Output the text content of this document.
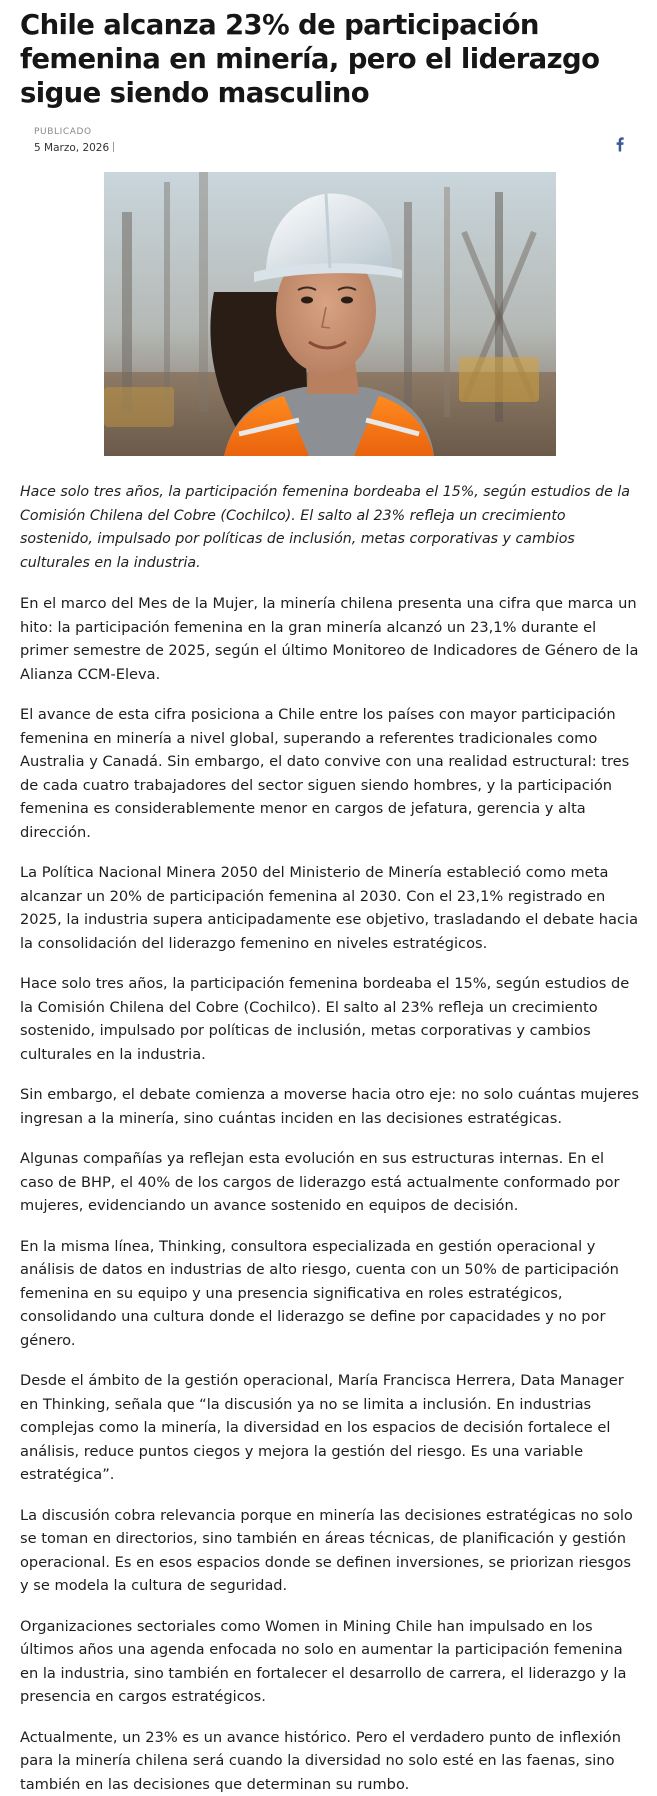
Chile alcanza 23% de participación femenina en minería, pero el liderazgo sigue siendo masculino
PUBLICADO
5 Marzo, 2026

Hace solo tres años, la participación femenina bordeaba el 15%, según estudios de la Comisión Chilena del Cobre (Cochilco). El salto al 23% refleja un crecimiento sostenido, impulsado por políticas de inclusión, metas corporativas y cambios culturales en la industria.

En el marco del Mes de la Mujer, la minería chilena presenta una cifra que marca un hito: la participación femenina en la gran minería alcanzó un 23,1% durante el primer semestre de 2025, según el último Monitoreo de Indicadores de Género de la Alianza CCM-Eleva.

El avance de esta cifra posiciona a Chile entre los países con mayor participación femenina en minería a nivel global, superando a referentes tradicionales como Australia y Canadá. Sin embargo, el dato convive con una realidad estructural: tres de cada cuatro trabajadores del sector siguen siendo hombres, y la participación femenina es considerablemente menor en cargos de jefatura, gerencia y alta dirección.

La Política Nacional Minera 2050 del Ministerio de Minería estableció como meta alcanzar un 20% de participación femenina al 2030. Con el 23,1% registrado en 2025, la industria supera anticipadamente ese objetivo, trasladando el debate hacia la consolidación del liderazgo femenino en niveles estratégicos.

Hace solo tres años, la participación femenina bordeaba el 15%, según estudios de la Comisión Chilena del Cobre (Cochilco). El salto al 23% refleja un crecimiento sostenido, impulsado por políticas de inclusión, metas corporativas y cambios culturales en la industria.

Sin embargo, el debate comienza a moverse hacia otro eje: no solo cuántas mujeres ingresan a la minería, sino cuántas inciden en las decisiones estratégicas.

Algunas compañías ya reflejan esta evolución en sus estructuras internas. En el caso de BHP, el 40% de los cargos de liderazgo está actualmente conformado por mujeres, evidenciando un avance sostenido en equipos de decisión.

En la misma línea, Thinking, consultora especializada en gestión operacional y análisis de datos en industrias de alto riesgo, cuenta con un 50% de participación femenina en su equipo y una presencia significativa en roles estratégicos, consolidando una cultura donde el liderazgo se define por capacidades y no por género.

Desde el ámbito de la gestión operacional, María Francisca Herrera, Data Manager en Thinking, señala que “la discusión ya no se limita a inclusión. En industrias complejas como la minería, la diversidad en los espacios de decisión fortalece el análisis, reduce puntos ciegos y mejora la gestión del riesgo. Es una variable estratégica”.

La discusión cobra relevancia porque en minería las decisiones estratégicas no solo se toman en directorios, sino también en áreas técnicas, de planificación y gestión operacional. Es en esos espacios donde se definen inversiones, se priorizan riesgos y se modela la cultura de seguridad.

Organizaciones sectoriales como Women in Mining Chile han impulsado en los últimos años una agenda enfocada no solo en aumentar la participación femenina en la industria, sino también en fortalecer el desarrollo de carrera, el liderazgo y la presencia en cargos estratégicos.

Actualmente, un 23% es un avance histórico. Pero el verdadero punto de inflexión para la minería chilena será cuando la diversidad no solo esté en las faenas, sino también en las decisiones que determinan su rumbo.
